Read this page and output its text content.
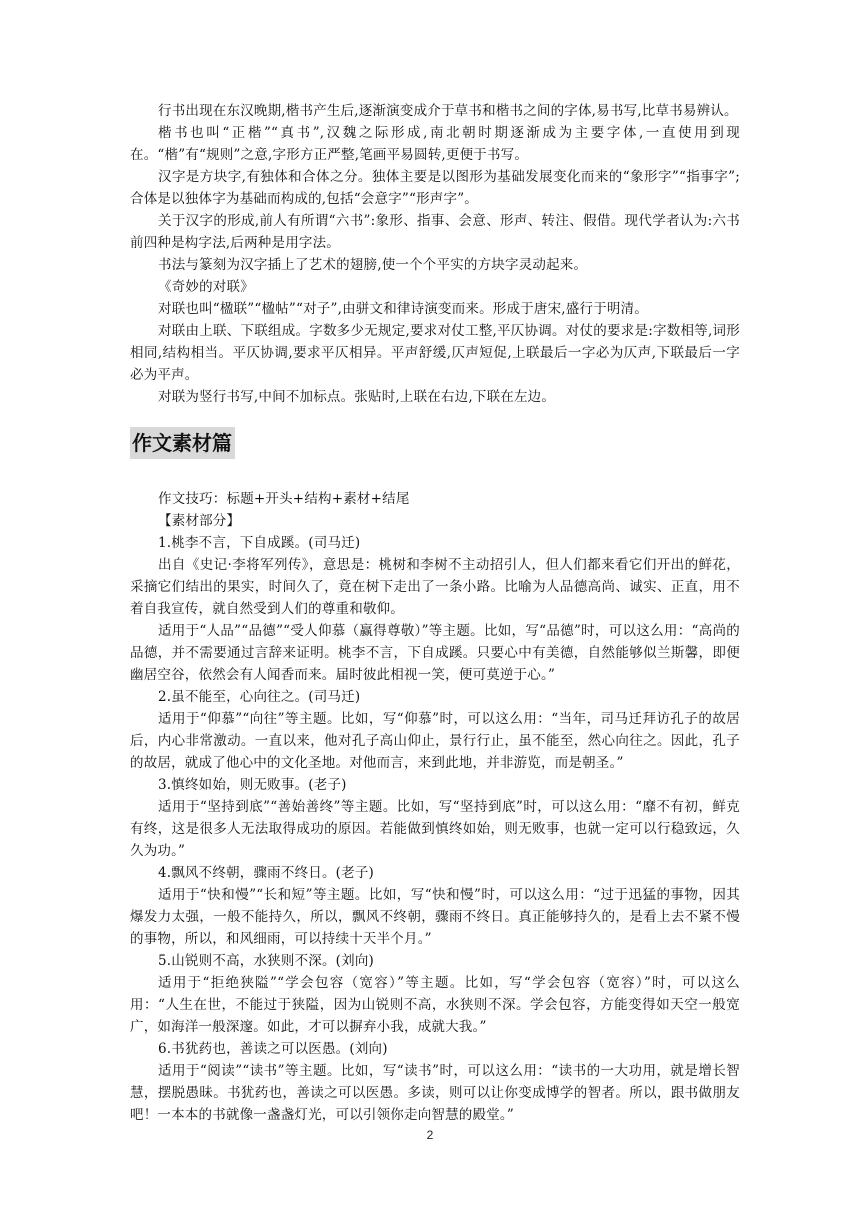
行书出现在东汉晚期,楷书产生后,逐渐演变成介于草书和楷书之间的字体,易书写,比草书易辨认。

楷书也叫“正楷”“真书”,汉魏之际形成,南北朝时期逐渐成为主要字体,一直使用到现在。“楷”有“规则”之意,字形方正严整,笔画平易圆转,更便于书写。

汉字是方块字,有独体和合体之分。独体主要是以图形为基础发展变化而来的“象形字”“指事字”;合体是以独体字为基础而构成的,包括“会意字”“形声字”。

关于汉字的形成,前人有所谓“六书”:象形、指事、会意、形声、转注、假借。现代学者认为:六书前四种是构字法,后两种是用字法。

书法与篆刻为汉字插上了艺术的翅膀,使一个个平实的方块字灵动起来。

《奇妙的对联》

对联也叫“楹联”“楹帖”“对子”,由骈文和律诗演变而来。形成于唐宋,盛行于明清。

对联由上联、下联组成。字数多少无规定,要求对仗工整,平仄协调。对仗的要求是:字数相等,词形相同,结构相当。平仄协调,要求平仄相异。平声舒缓,仄声短促,上联最后一字必为仄声,下联最后一字必为平声。

对联为竖行书写,中间不加标点。张贴时,上联在右边,下联在左边。

作文素材篇

作文技巧：标题+开头+结构+素材+结尾

【素材部分】

1.桃李不言，下自成蹊。(司马迁)

出自《史记·李将军列传》，意思是：桃树和李树不主动招引人，但人们都来看它们开出的鲜花，采摘它们结出的果实，时间久了，竟在树下走出了一条小路。比喻为人品德高尚、诚实、正直，用不着自我宣传，就自然受到人们的尊重和敬仰。

适用于“人品”“品德”“受人仰慕（赢得尊敬）”等主题。比如，写“品德”时，可以这么用：“高尚的品德，并不需要通过言辞来证明。桃李不言，下自成蹊。只要心中有美德，自然能够似兰斯馨，即便幽居空谷，依然会有人闻香而来。届时彼此相视一笑，便可莫逆于心。”

2.虽不能至，心向往之。(司马迁)

适用于“仰慕”“向往”等主题。比如，写“仰慕”时，可以这么用：“当年，司马迁拜访孔子的故居后，内心非常激动。一直以来，他对孔子高山仰止，景行行止，虽不能至，然心向往之。因此，孔子的故居，就成了他心中的文化圣地。对他而言，来到此地，并非游览，而是朝圣。”

3.慎终如始，则无败事。(老子)

适用于“坚持到底”“善始善终”等主题。比如，写“坚持到底”时，可以这么用：“靡不有初，鲜克有终，这是很多人无法取得成功的原因。若能做到慎终如始，则无败事，也就一定可以行稳致远，久久为功。”

4.飘风不终朝，骤雨不终日。(老子)

适用于“快和慢”“长和短”等主题。比如，写“快和慢”时，可以这么用：“过于迅猛的事物，因其爆发力太强，一般不能持久，所以，飘风不终朝，骤雨不终日。真正能够持久的，是看上去不紧不慢的事物，所以，和风细雨，可以持续十天半个月。”

5.山锐则不高，水狭则不深。(刘向)

适用于“拒绝狭隘”“学会包容（宽容）”等主题。比如，写“学会包容（宽容）”时，可以这么用：“人生在世，不能过于狭隘，因为山锐则不高，水狭则不深。学会包容，方能变得如天空一般宽广，如海洋一般深邃。如此，才可以摒弃小我，成就大我。”

6.书犹药也，善读之可以医愚。(刘向)

适用于“阅读”“读书”等主题。比如，写“读书”时，可以这么用：“读书的一大功用，就是增长智慧，摆脱愚昧。书犹药也，善读之可以医愚。多读，则可以让你变成博学的智者。所以，跟书做朋友吧！一本本的书就像一盏盏灯光，可以引领你走向智慧的殿堂。”

2
